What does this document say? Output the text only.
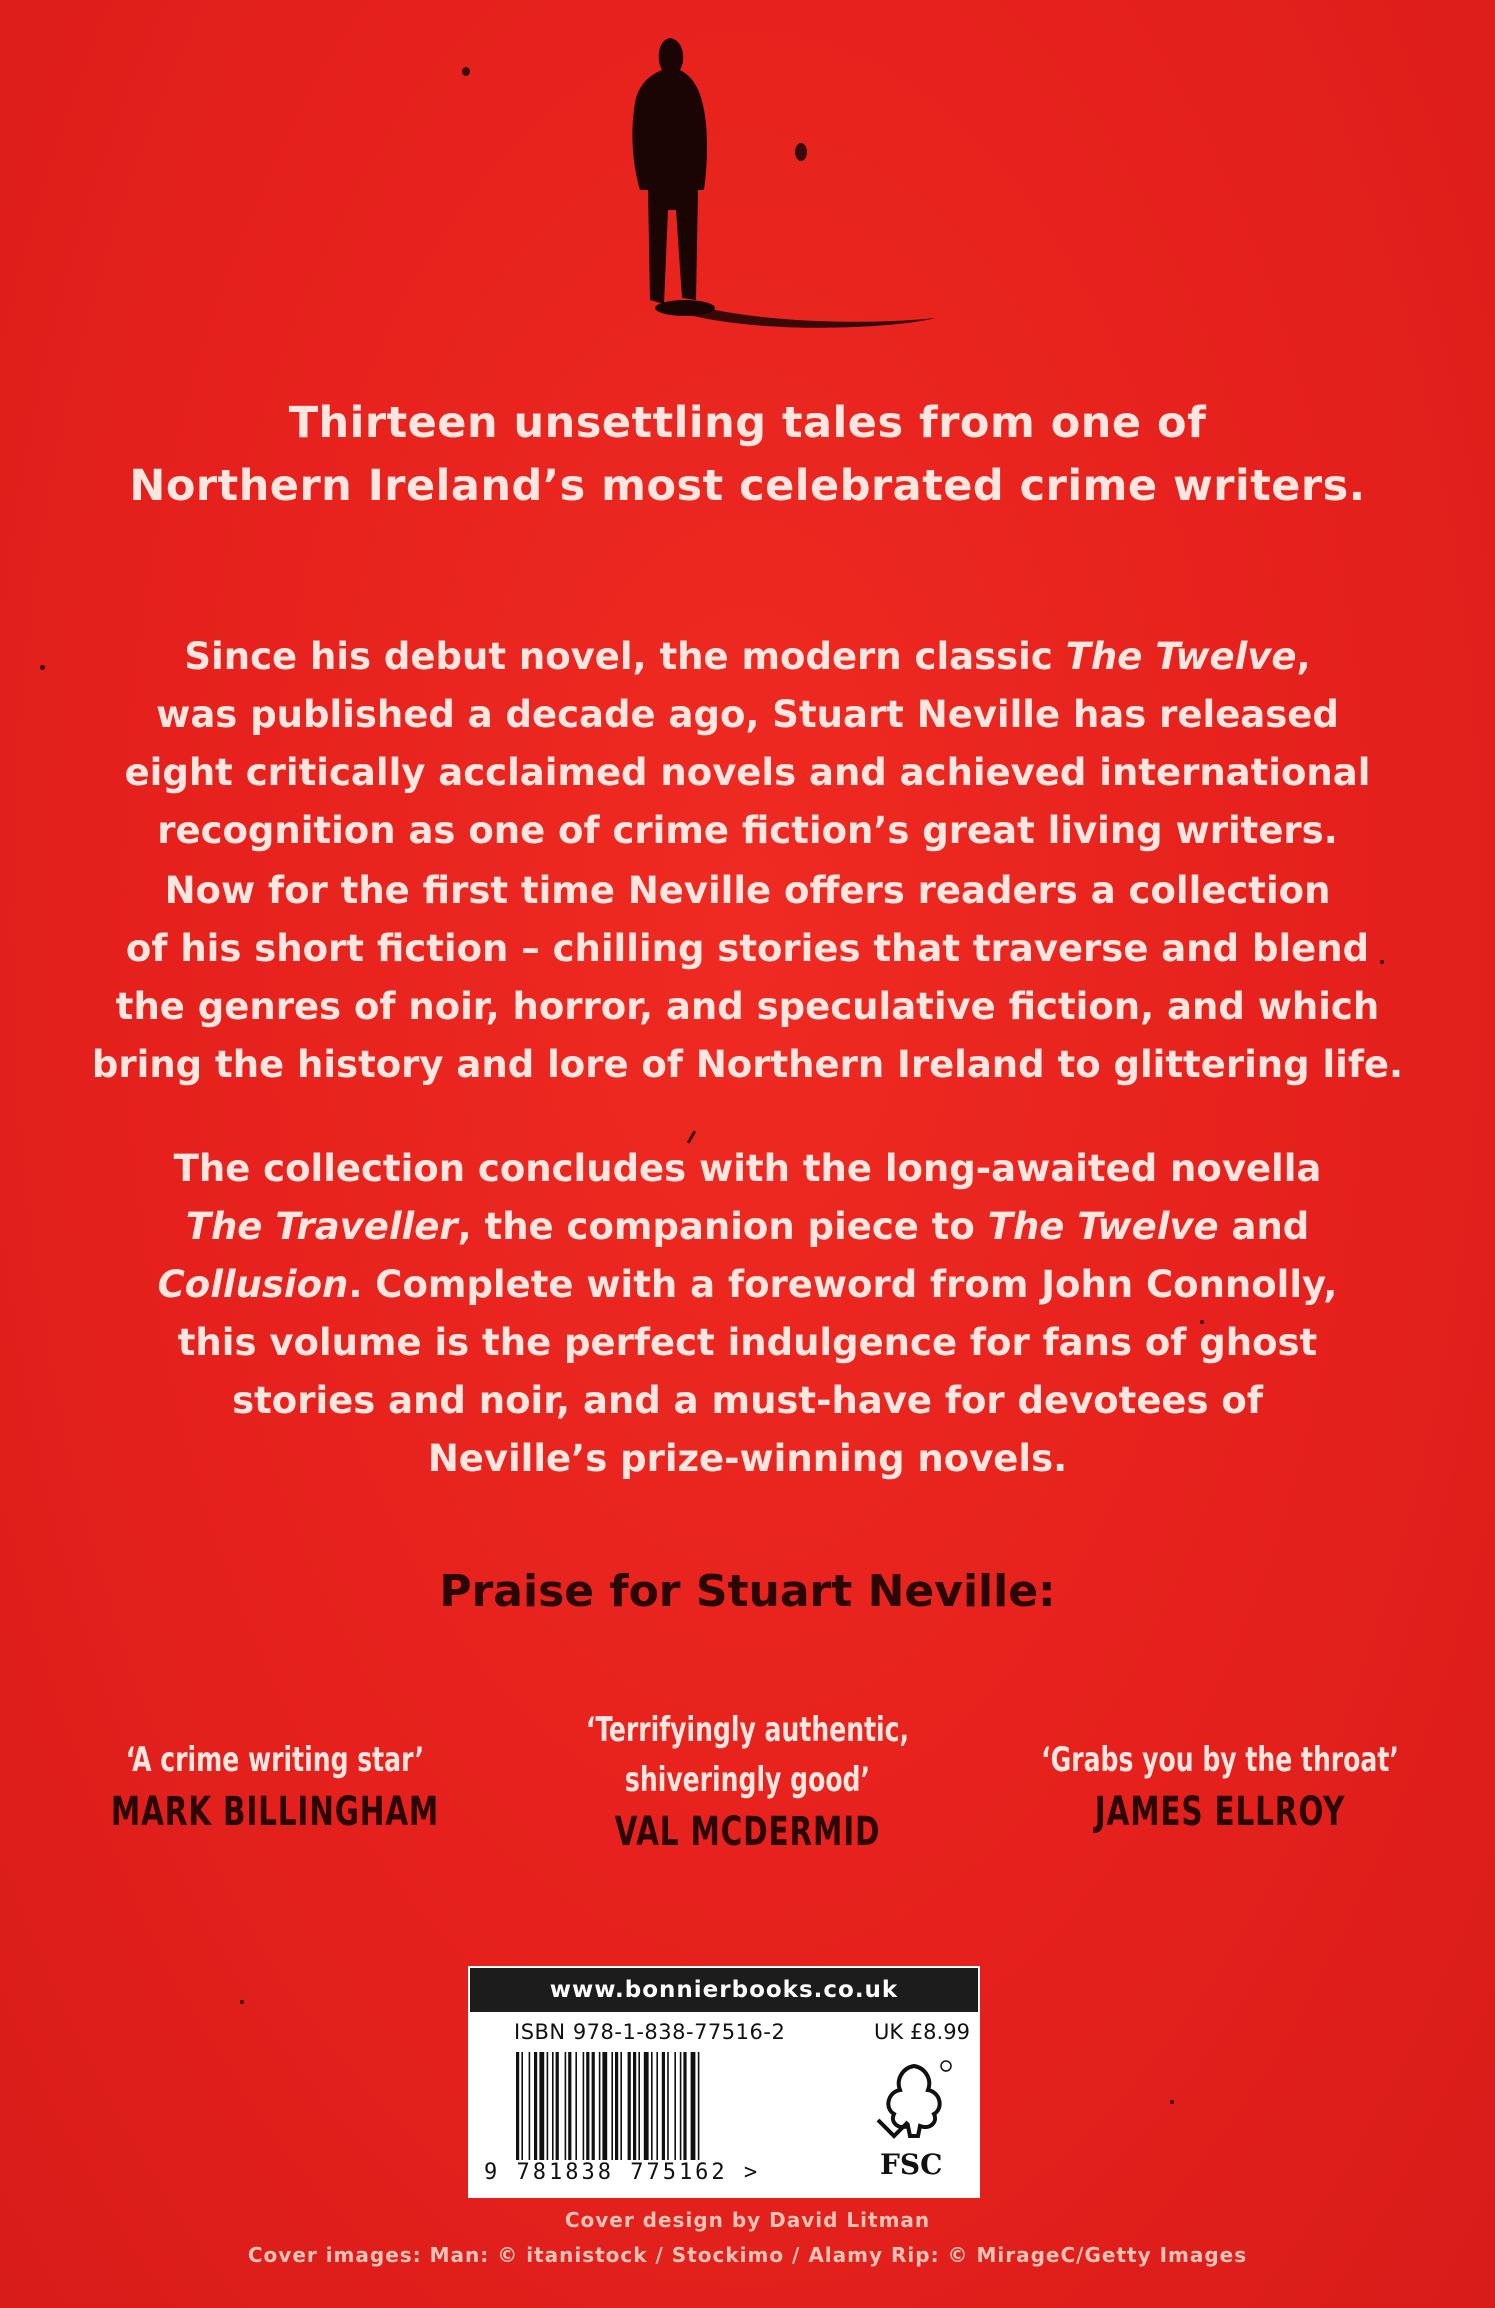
Thirteen unsettling tales from one of
Northern Ireland’s most celebrated crime writers.

Since his debut novel, the modern classic The Twelve,
was published a decade ago, Stuart Neville has released
eight critically acclaimed novels and achieved international
recognition as one of crime fiction’s great living writers.

Now for the first time Neville offers readers a collection
of his short fiction – chilling stories that traverse and blend
the genres of noir, horror, and speculative fiction, and which
bring the history and lore of Northern Ireland to glittering life.

The collection concludes with the long-awaited novella
The Traveller, the companion piece to The Twelve and
Collusion. Complete with a foreword from John Connolly,
this volume is the perfect indulgence for fans of ghost
stories and noir, and a must-have for devotees of
Neville’s prize-winning novels.

Praise for Stuart Neville:

‘A crime writing star’
MARK BILLINGHAM
‘Terrifyingly authentic,
shiveringly good’
VAL MCDERMID
‘Grabs you by the throat’
JAMES ELLROY
www.bonnierbooks.co.uk
ISBN 978-1-838-77516-2	UK £8.99
9 781838 775162 >	FSC

Cover design by David Litman

Cover images: Man: © itanistock / Stockimo / Alamy Rip: © MirageC/Getty Images
